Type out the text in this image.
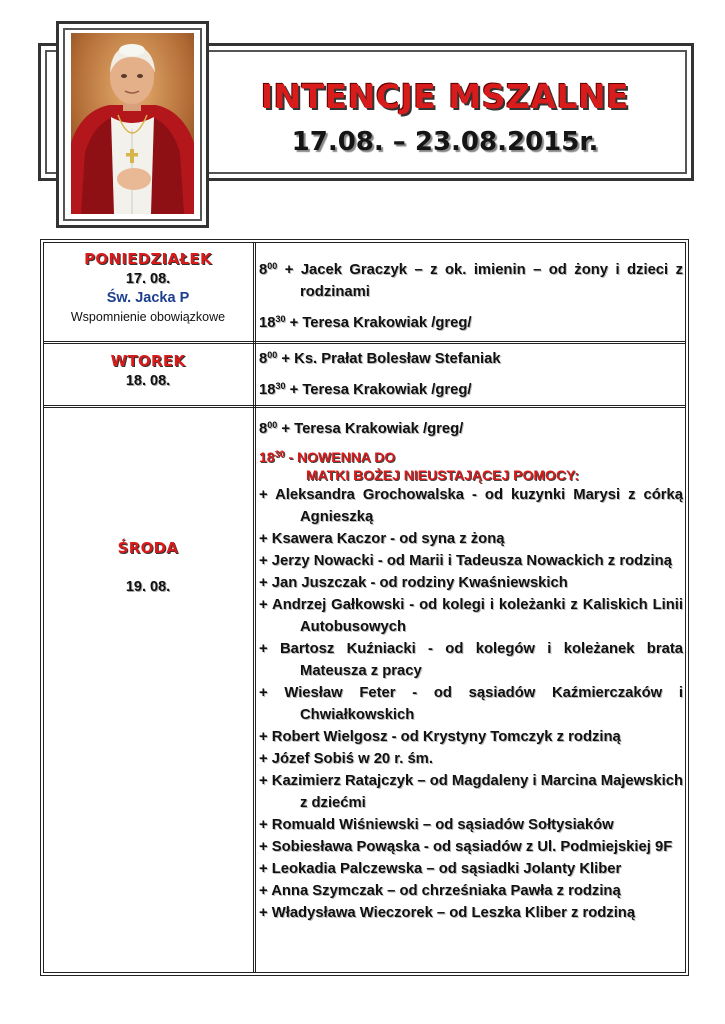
INTENCJE MSZALNE
17.08. – 23.08.2015r.
PONIEDZIAŁEK
17. 08.
Św. Jacka P
Wspomnienie obowiązkowe
$8^{00}$ + Jacek Graczyk – z ok. imienin – od żony i dzieci z rodzinami
$18^{30}$ + Teresa Krakowiak /greg/
WTOREK
18. 08.
$8^{00} + Ks$. Prałat Bolesław Stefaniak
$18^{30}$ + Teresa Krakowiak /greg/
ŚRODA
19. 08.
$8^{00}$ + Teresa Krakowiak /greg/
$18^{30}$ - NOWENNA DO
MATKI BOŻEJ NIEUSTAJĄCEJ POMOCY:
+ Aleksandra Grochowalska - od kuzynki Marysi z córką Agnieszką
+ Ksawera Kaczor - od syna z żoną
+ Jerzy Nowacki - od Marii i Tadeusza Nowackich z rodziną
+ Jan Juszczak - od rodziny Kwaśniewskich
+ Andrzej Gałkowski - od kolegi i koleżanki z Kaliskich Linii Autobusowych
+ Bartosz Kuźniacki - od kolegów i koleżanek brata Mateusza z pracy
+ Wiesław Feter - od sąsiadów Kaźmierczaków i Chwiałkowskich
+ Robert Wielgosz - od Krystyny Tomczyk z rodziną
+ Józef Sobiś w 20 r. śm.
+ Kazimierz Ratajczyk – od Magdaleny i Marcina Majewskich z dziećmi
+ Romuald Wiśniewski – od sąsiadów Sołtysiaków
+ Sobiesława Powąska - od sąsiadów z Ul. Podmiejskiej 9F
+ Leokadia Palczewska – od sąsiadki Jolanty Kliber
+ Anna Szymczak – od chrześniaka Pawła z rodziną
+ Władysława Wieczorek – od Leszka Kliber z rodziną
